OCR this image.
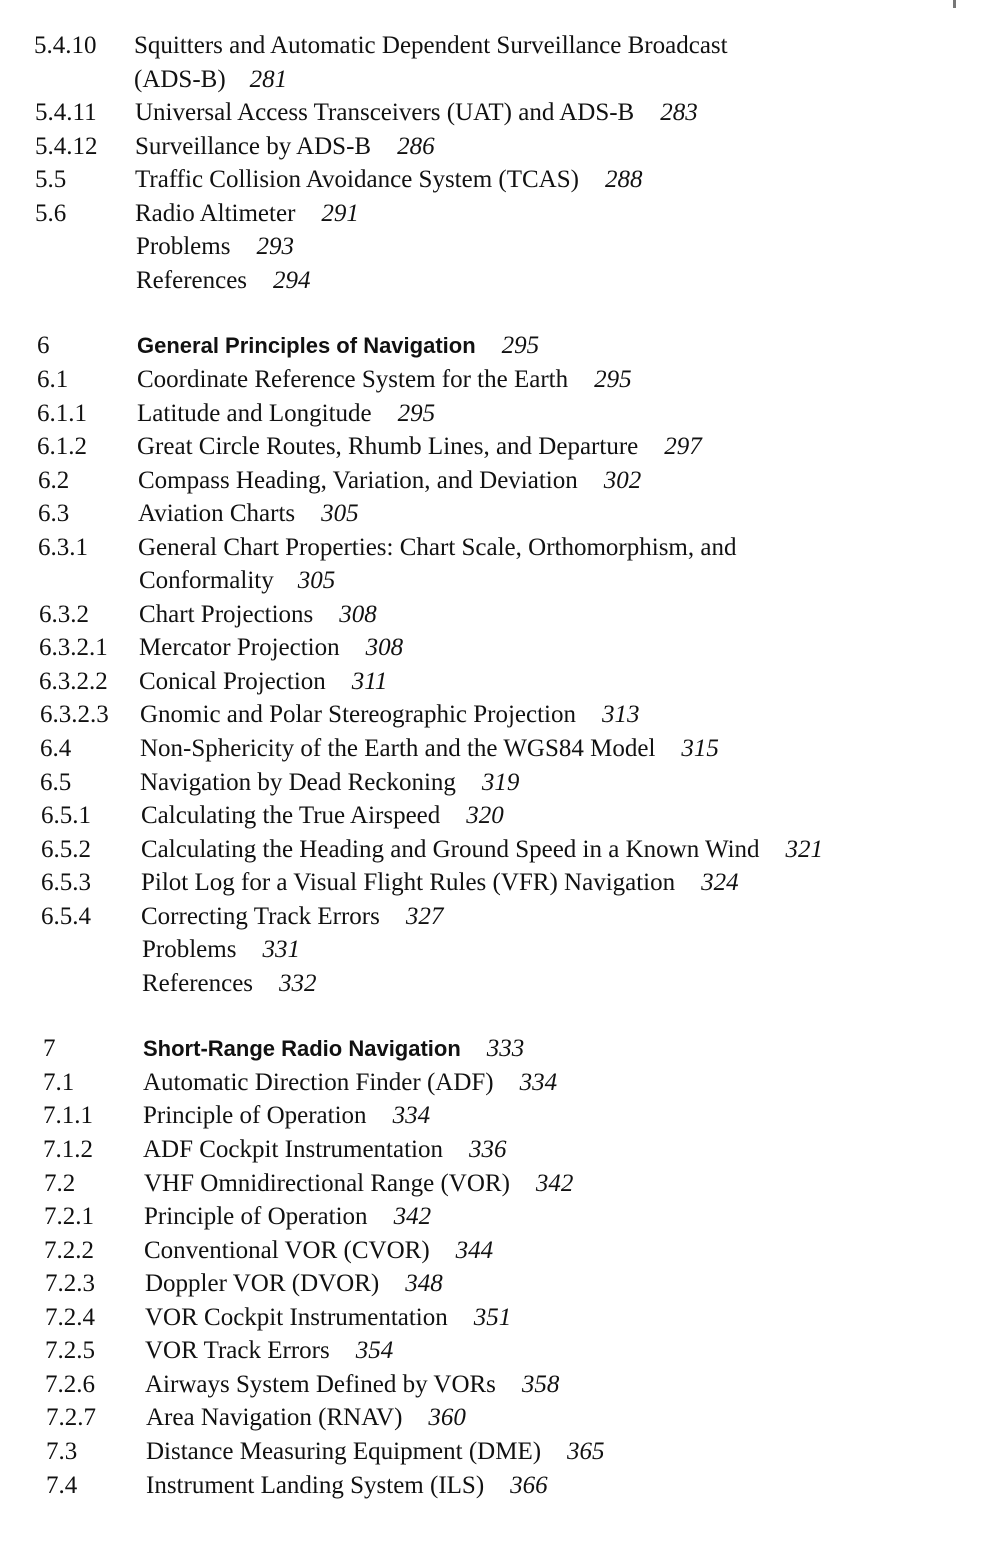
5.4.10 Squitters and Automatic Dependent Surveillance Broadcast
(ADS-B) 281
5.4.11 Universal Access Transceivers (UAT) and ADS-B 283
5.4.12 Surveillance by ADS-B 286
5.5	Traffic Collision Avoidance System (TCAS) 288
5.6	Radio Altimeter 291
Problems 293
References 294
6	General Principles of Navigation 295
6.1	Coordinate Reference System for the Earth 295
6.1.1 Latitude and Longitude 295
6.1.2 Great Circle Routes, Rhumb Lines, and Departure 297
6.2	Compass Heading, Variation, and Deviation 302
6.3	Aviation Charts 305
6.3.1 General Chart Properties: Chart Scale, Orthomorphism, and
Conformality 305
6.3.2 Chart Projections 308
6.3.2.1 Mercator Projection 308
6.3.2.2 Conical Projection 311
6.3.2.3 Gnomic and Polar Stereographic Projection 313
6.4	Non-Sphericity of the Earth and the WGS84 Model 315
6.5	Navigation by Dead Reckoning 319
6.5.1 Calculating the True Airspeed 320
6.5.2 Calculating the Heading and Ground Speed in a Known Wind 321
6.5.3 Pilot Log for a Visual Flight Rules (VFR) Navigation 324
6.5.4 Correcting Track Errors 327
Problems 331
References 332
7	Short-Range Radio Navigation 333
7.1	Automatic Direction Finder (ADF) 334
7.1.1 Principle of Operation 334
7.1.2 ADF Cockpit Instrumentation 336
7.2	VHF Omnidirectional Range (VOR) 342
7.2.1 Principle of Operation 342
7.2.2 Conventional VOR (CVOR) 344
7.2.3 Doppler VOR (DVOR) 348
7.2.4 VOR Cockpit Instrumentation 351
7.2.5 VOR Track Errors 354
7.2.6 Airways System Defined by VORs 358
7.2.7 Area Navigation (RNAV) 360
7.3	Distance Measuring Equipment (DME) 365
7.4	Instrument Landing System (ILS) 366
